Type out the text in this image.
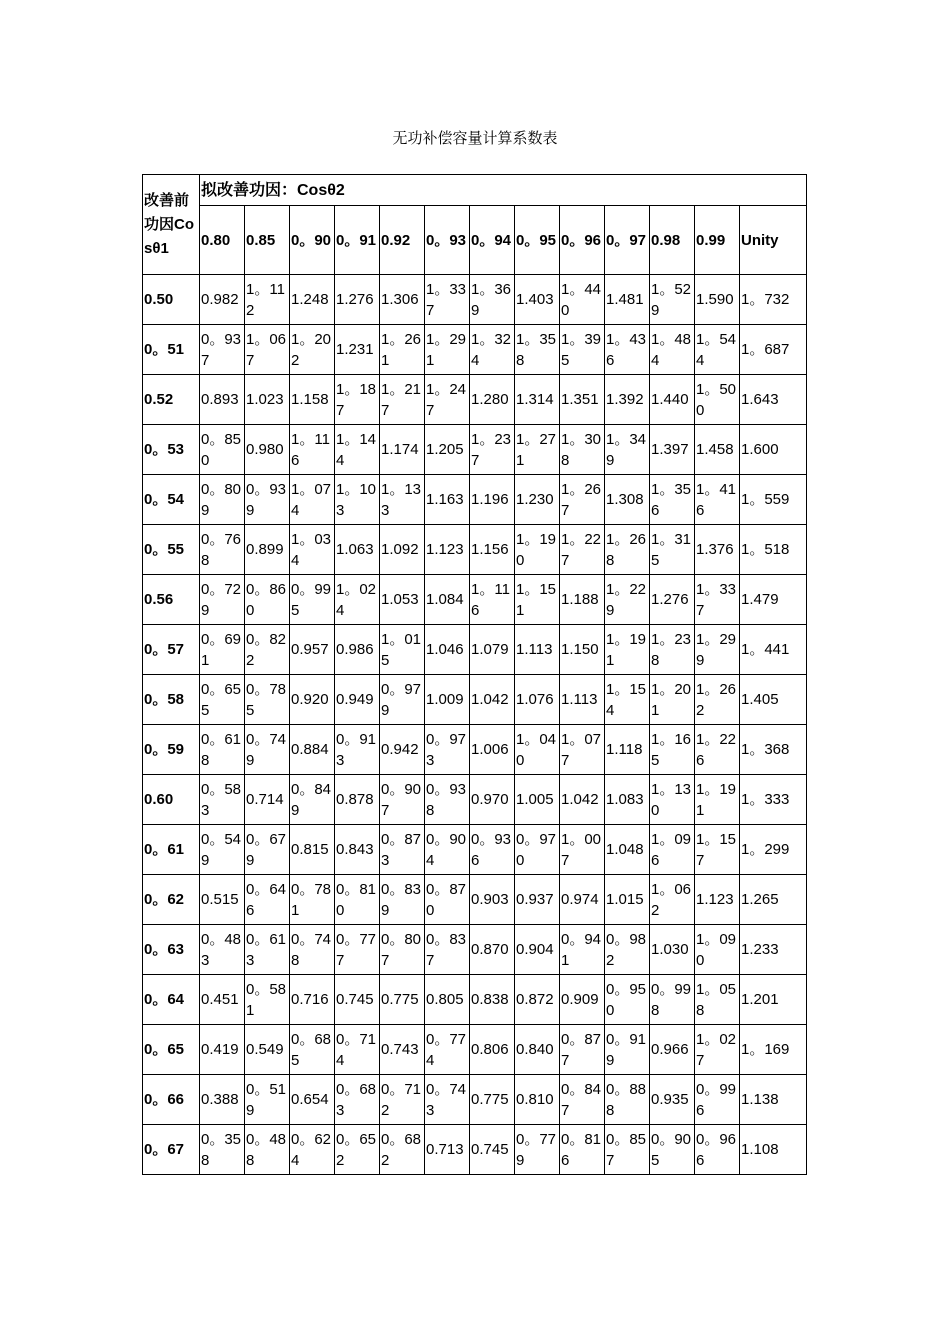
无功补偿容量计算系数表
改善前功因Cosθ1	拟改善功因：Cosθ2												
	0.80	0.85	0。90	0。91	0.92	0。93	0。94	0。95	0。96	0。97	0.98	0.99	Unity
0.50	0.982	1。112	1.248	1.276	1.306	1。337	1。369	1.403	1。440	1.481	1。529	1.590	1。732
0。51	0。937	1。067	1。202	1.231	1。261	1。291	1。324	1。358	1。395	1。436	1。484	1。544	1。687
0.52	0.893	1.023	1.158	1。187	1。217	1。247	1.280	1.314	1.351	1.392	1.440	1。500	1.643
0。53	0。850	0.980	1。116	1。144	1.174	1.205	1。237	1。271	1。308	1。349	1.397	1.458	1.600
0。54	0。809	0。939	1。074	1。103	1。133	1.163	1.196	1.230	1。267	1.308	1。356	1。416	1。559
0。55	0。768	0.899	1。034	1.063	1.092	1.123	1.156	1。190	1。227	1。268	1。315	1.376	1。518
0.56	0。729	0。860	0。995	1。024	1.053	1.084	1。116	1。151	1.188	1。229	1.276	1。337	1.479
0。57	0。691	0。822	0.957	0.986	1。015	1.046	1.079	1.113	1.150	1。191	1。238	1。299	1。441
0。58	0。655	0。785	0.920	0.949	0。979	1.009	1.042	1.076	1.113	1。154	1。201	1。262	1.405
0。59	0。618	0。749	0.884	0。913	0.942	0。973	1.006	1。040	1。077	1.118	1。165	1。226	1。368
0.60	0。583	0.714	0。849	0.878	0。907	0。938	0.970	1.005	1.042	1.083	1。130	1。191	1。333
0。61	0。549	0。679	0.815	0.843	0。873	0。904	0。936	0。970	1。007	1.048	1。096	1。157	1。299
0。62	0.515	0。646	0。781	0。810	0。839	0。870	0.903	0.937	0.974	1.015	1。062	1.123	1.265
0。63	0。483	0。613	0。748	0。777	0。807	0。837	0.870	0.904	0。941	0。982	1.030	1。090	1.233
0。64	0.451	0。581	0.716	0.745	0.775	0.805	0.838	0.872	0.909	0。950	0。998	1。058	1.201
0。65	0.419	0.549	0。685	0。714	0.743	0。774	0.806	0.840	0。877	0。919	0.966	1。027	1。169
0。66	0.388	0。519	0.654	0。683	0。712	0。743	0.775	0.810	0。847	0。888	0.935	0。996	1.138
0。67	0。358	0。488	0。624	0。652	0。682	0.713	0.745	0。779	0。816	0。857	0。905	0。966	1.108
